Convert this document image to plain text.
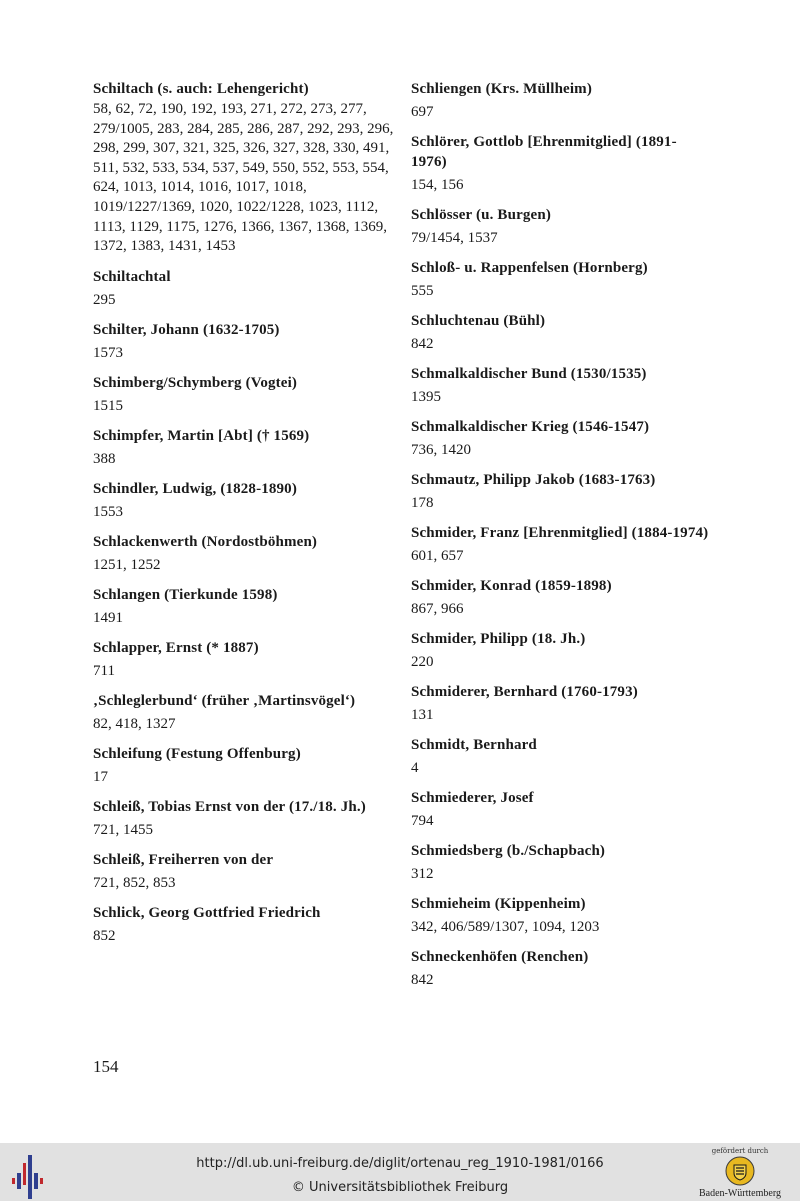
Schiltach (s. auch: Lehengericht)
58, 62, 72, 190, 192, 193, 271, 272, 273, 277, 279/1005, 283, 284, 285, 286, 287, 292, 293, 296, 298, 299, 307, 321, 325, 326, 327, 328, 330, 491, 511, 532, 533, 534, 537, 549, 550, 552, 553, 554, 624, 1013, 1014, 1016, 1017, 1018, 1019/1227/1369, 1020, 1022/1228, 1023, 1112, 1113, 1129, 1175, 1276, 1366, 1367, 1368, 1369, 1372, 1383, 1431, 1453
Schiltachtal
295
Schilter, Johann (1632-1705)
1573
Schimberg/Schymberg (Vogtei)
1515
Schimpfer, Martin [Abt] († 1569)
388
Schindler, Ludwig, (1828-1890)
1553
Schlackenwerth (Nordostböhmen)
1251, 1252
Schlangen (Tierkunde 1598)
1491
Schlapper, Ernst (* 1887)
711
‚Schleglerbund‘ (früher ‚Martinsvögel‘)
82, 418, 1327
Schleifung (Festung Offenburg)
17
Schleiß, Tobias Ernst von der (17./18. Jh.)
721, 1455
Schleiß, Freiherren von der
721, 852, 853
Schlick, Georg Gottfried Friedrich
852
Schliengen (Krs. Müllheim)
697
Schlörer, Gottlob [Ehrenmitglied] (1891-1976)
154, 156
Schlösser (u. Burgen)
79/1454, 1537
Schloß- u. Rappenfelsen (Hornberg)
555
Schluchtenau (Bühl)
842
Schmalkaldischer Bund (1530/1535)
1395
Schmalkaldischer Krieg (1546-1547)
736, 1420
Schmautz, Philipp Jakob (1683-1763)
178
Schmider, Franz [Ehrenmitglied] (1884-1974)
601, 657
Schmider, Konrad (1859-1898)
867, 966
Schmider, Philipp (18. Jh.)
220
Schmiderer, Bernhard (1760-1793)
131
Schmidt, Bernhard
4
Schmiederer, Josef
794
Schmiedsberg (b./Schapbach)
312
Schmieheim (Kippenheim)
342, 406/589/1307, 1094, 1203
Schneckenhöfen (Renchen)
842
154
http://dl.ub.uni-freiburg.de/diglit/ortenau_reg_1910-1981/0166
© Universitätsbibliothek Freiburg
gefördert durch
Baden-Württemberg
